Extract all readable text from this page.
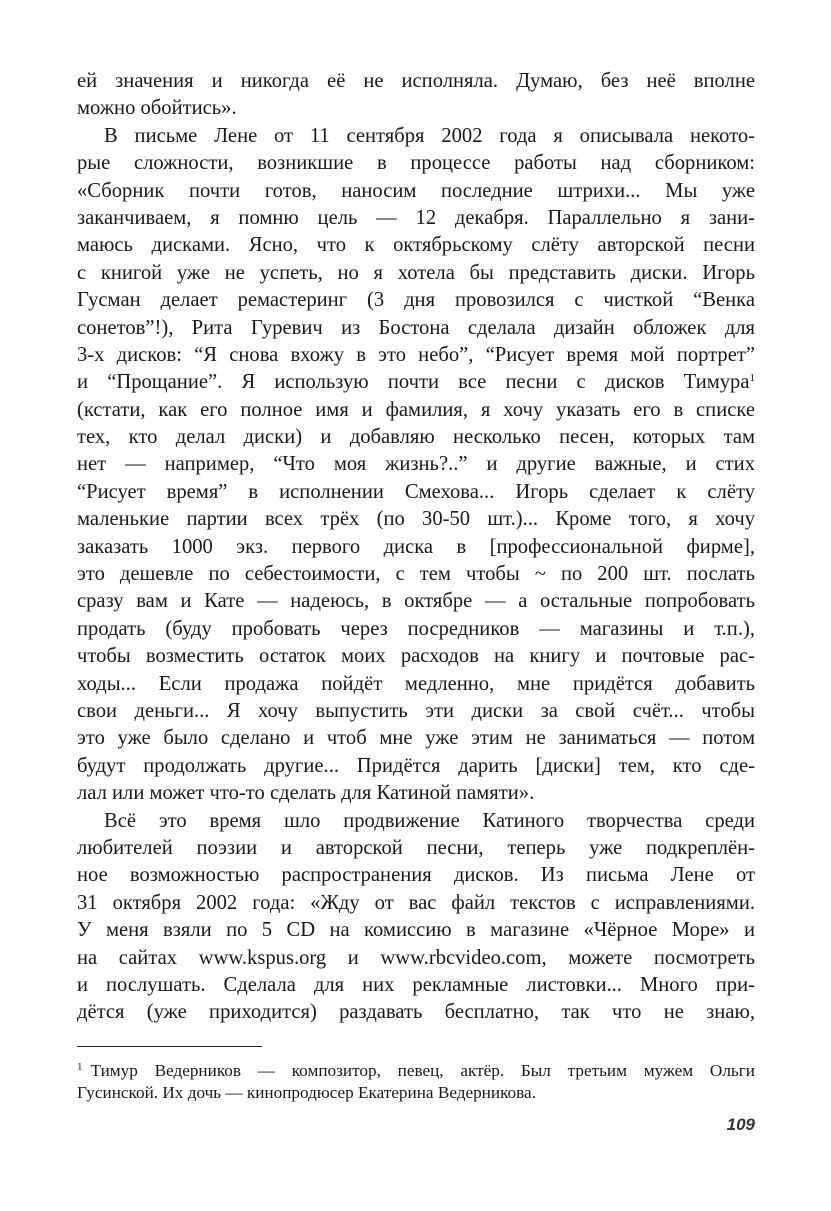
ей значения и никогда её не исполняла. Думаю, без неё вполне
можно обойтись».
В письме Лене от 11 сентября 2002 года я описывала некото-
рые сложности, возникшие в процессе работы над сборником:
«Сборник почти готов, наносим последние штрихи... Мы уже
заканчиваем, я помню цель — 12 декабря. Параллельно я зани-
маюсь дисками. Ясно, что к октябрьскому слёту авторской песни
с книгой уже не успеть, но я хотела бы представить диски. Игорь
Гусман делает ремастеринг (3 дня провозился с чисткой “Венка
сонетов”!), Рита Гуревич из Бостона сделала дизайн обложек для
3-х дисков: “Я снова вхожу в это небо”, “Рисует время мой портрет”
и “Прощание”. Я использую почти все песни с дисков Тимура$^1$
(кстати, как его полное имя и фамилия, я хочу указать его в списке
тех, кто делал диски) и добавляю несколько песен, которых там
нет — например, “Что моя жизнь?..” и другие важные, и стих
“Рисует время” в исполнении Смехова... Игорь сделает к слёту
маленькие партии всех трёх (по 30-50 шт.)... Кроме того, я хочу
заказать 1000 экз. первого диска в [профессиональной фирме],
это дешевле по себестоимости, с тем чтобы ~ по 200 шт. послать
сразу вам и Кате — надеюсь, в октябре — а остальные попробовать
продать (буду пробовать через посредников — магазины и т.п.),
чтобы возместить остаток моих расходов на книгу и почтовые рас-
ходы... Если продажа пойдёт медленно, мне придётся добавить
свои деньги... Я хочу выпустить эти диски за свой счёт... чтобы
это уже было сделано и чтоб мне уже этим не заниматься — потом
будут продолжать другие... Придётся дарить [диски] тем, кто сде-
лал или может что-то сделать для Катиной памяти».
Всё это время шло продвижение Катиного творчества среди
любителей поэзии и авторской песни, теперь уже подкреплён-
ное возможностью распространения дисков. Из письма Лене от
31 октября 2002 года: «Жду от вас файл текстов с исправлениями.
У меня взяли по 5 CD на комиссию в магазине «Чёрное Море» и
на сайтах www.kspus.org и www.rbcvideo.com, можете посмотреть
и послушать. Сделала для них рекламные листовки... Много при-
дётся (уже приходится) раздавать бесплатно, так что не знаю,
$^1$ Тимур Ведерников — композитор, певец, актёр. Был третьим мужем Ольги
Гусинской. Их дочь — кинопродюсер Екатерина Ведерникова.
109
